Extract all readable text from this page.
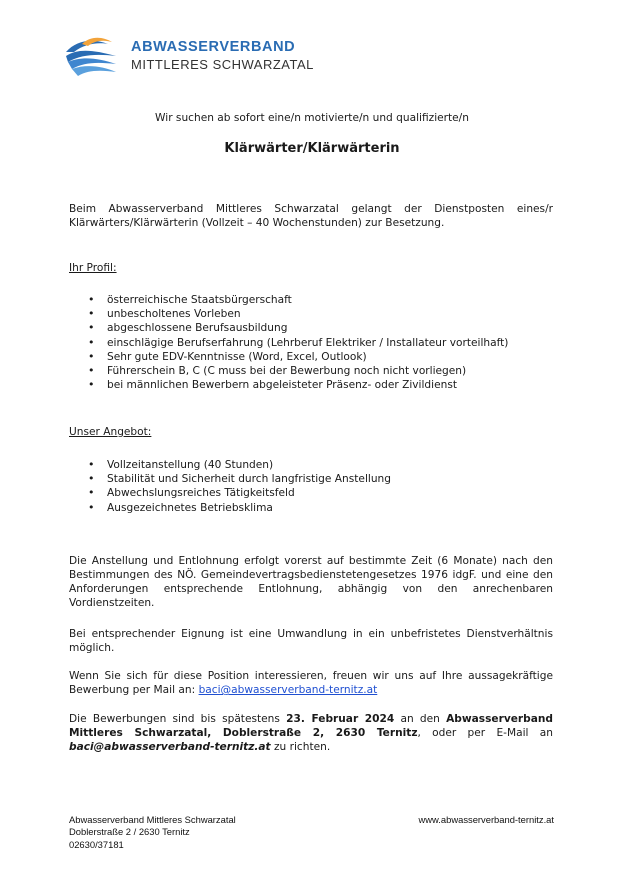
ABWASSERVERBAND
MITTLERES SCHWARZATAL
Wir suchen ab sofort eine/n motivierte/n und qualifizierte/n
Klärwärter/Klärwärterin
Beim Abwasserverband Mittleres Schwarzatal gelangt der Dienstposten eines/r Klärwärters/Klärwärterin (Vollzeit – 40 Wochenstunden) zur Besetzung.
Ihr Profil:
• österreichische Staatsbürgerschaft
• unbescholtenes Vorleben
• abgeschlossene Berufsausbildung
• einschlägige Berufserfahrung (Lehrberuf Elektriker / Installateur vorteilhaft)
• Sehr gute EDV-Kenntnisse (Word, Excel, Outlook)
• Führerschein B, C (C muss bei der Bewerbung noch nicht vorliegen)
• bei männlichen Bewerbern abgeleisteter Präsenz- oder Zivildienst
Unser Angebot:
• Vollzeitanstellung (40 Stunden)
• Stabilität und Sicherheit durch langfristige Anstellung
• Abwechslungsreiches Tätigkeitsfeld
• Ausgezeichnetes Betriebsklima
Die Anstellung und Entlohnung erfolgt vorerst auf bestimmte Zeit (6 Monate) nach den Bestimmungen des NÖ. Gemeindevertragsbedienstetengesetzes 1976 idgF. und eine den Anforderungen entsprechende Entlohnung, abhängig von den anrechenbaren Vordienstzeiten.
Bei entsprechender Eignung ist eine Umwandlung in ein unbefristetes Dienstverhältnis möglich.
Wenn Sie sich für diese Position interessieren, freuen wir uns auf Ihre aussagekräftige Bewerbung per Mail an: baci@abwasserverband-ternitz.at
Die Bewerbungen sind bis spätestens 23. Februar 2024 an den Abwasserverband Mittleres Schwarzatal, Doblerstraße 2, 2630 Ternitz, oder per E-Mail an baci@abwasserverband-ternitz.at zu richten.
Abwasserverband Mittleres Schwarzatal
Doblerstraße 2 / 2630 Ternitz
02630/37181
www.abwasserverband-ternitz.at
